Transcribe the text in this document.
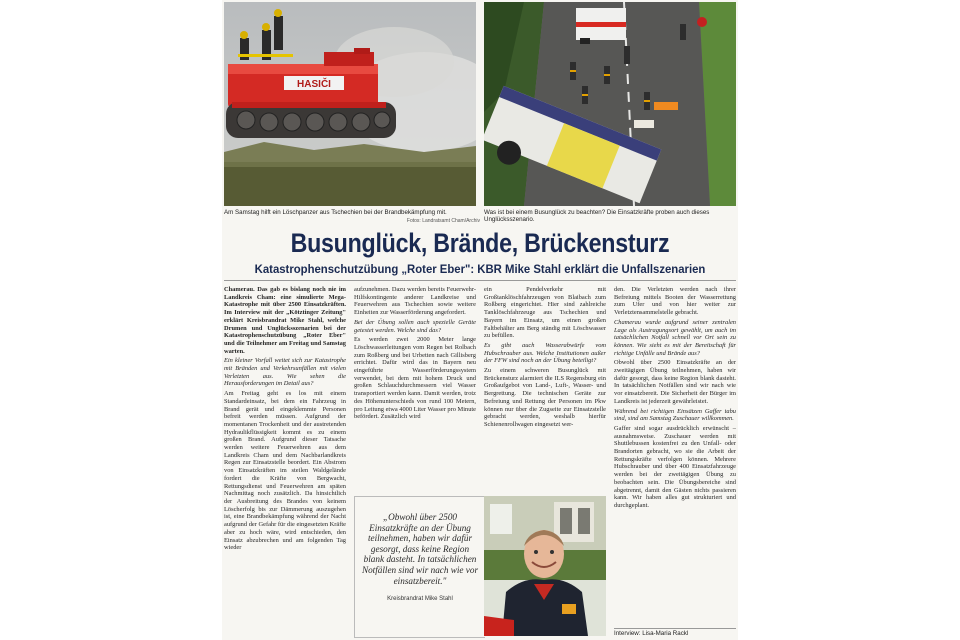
HASIČI
Am Samstag hilft ein Löschpanzer aus Tschechien bei der Brandbekämpfung mit.
Fotos: Landratsamt Cham/Archiv
Was ist bei einem Busunglück zu beachten? Die Einsatzkräfte proben auch dieses Unglücksszenario.
Busunglück, Brände, Brückensturz
Katastrophenschutzübung „Roter Eber": KBR Mike Stahl erklärt die Unfallszenarien

Chamerau. Das gab es bislang noch nie im Landkreis Cham: eine simulierte Mega-Katastrophe mit über 2500 Einsatzkräften. Im Interview mit der „Kötztinger Zeitung" erklärt Kreisbrandrat Mike Stahl, welche Drumen und Unglücksszenarien bei der Katastrophenschutzübung „Roter Eber" und die Teilnehmer am Freitag und Samstag warten.

Ein kleiner Vorfall weitet sich zur Katastrophe mit Bränden und Verkehrsunfällen mit vielen Verletzten aus. Wie sehen die Herausforderungen im Detail aus?

Am Freitag geht es los mit einem Standardeinsatz, bei dem ein Fahrzeug in Brand gerät und eingeklemmte Personen befreit werden müssen. Aufgrund der momentanen Trockenheit und der austretenden Hydraulikflüssigkeit kommt es zu einem großen Brand. Aufgrund dieser Tatsache werden weitere Feuerwehren aus dem Landkreis Cham und dem Nachbarlandkreis Regen zur Einsatzstelle beordert. Ein Abstrom von Einsatzkräften im steilen Waldgelände fordert die Kräfte von Bergwacht, Rettungsdienst und Feuerwehren am späten Nachmittag noch zusätzlich. Da hinsichtlich der Ausbreitung des Brandes von keinem Löscherfolg bis zur Dämmerung auszugehen ist, eine Brandbekämpfung während der Nacht aufgrund der Gefahr für die eingesetzten Kräfte aber zu hoch wäre, wird entschieden, den Einsatz abzubrechen und am folgenden Tag wieder

aufzunehmen. Dazu werden bereits Feuerwehr-Hilfskontingente anderer Landkreise und Feuerwehren aus Tschechien sowie weitere Einheiten zur Wasserförderung angefordert.

Bei der Übung sollen auch spezielle Geräte getestet werden. Welche sind das?

Es werden zwei 2000 Meter lange Löschwasserleitungen vom Regen bei Rolbach zum Roßberg und bei Urbetten nach Gillisberg errichtet. Dafür wird das in Bayern neu eingeführte Wasserförderungssystem verwendet, bei dem mit hohem Druck und großen Schlauchdurchmessern viel Wasser transportiert werden kann. Damit werden, trotz des Höhenunterschieds von rund 100 Metern, pro Leitung etwa 4000 Liter Wasser pro Minute befördert. Zusätzlich wird

ein Pendelverkehr mit Großtanklöschfahrzeugen von Blaibach zum Roßberg eingerichtet. Hier sind zahlreiche Tanklöschfahrzeuge aus Tschechien und Bayern im Einsatz, um einen großen Faltbehälter am Berg ständig mit Löschwasser zu befüllen.

Es gibt auch Wasserabwürfe vom Hubschrauber aus. Welche Institutionen außer der FFW sind noch an der Übung beteiligt?

Zu einem schweren Busunglück mit Brückensturz alarmiert die ILS Regensburg ein Großaufgebot von Land-, Luft-, Wasser- und Bergrettung. Die technischen Geräte zur Befreiung und Rettung der Personen im Pkw können nur über die Zugseite zur Einsatzstelle gebracht werden, weshalb hierfür Schienenrollwagen eingesetzt wer-

den. Die Verletzten werden nach ihrer Befreiung mittels Booten der Wasserrettung zum Ufer und von hier weiter zur Verletztensammelstelle gebracht.

Chamerau wurde aufgrund seiner zentralen Lage als Austragungsort gewählt, um auch im tatsächlichen Notfall schnell vor Ort sein zu können. Wie sieht es mit der Bereitschaft für richtige Unfälle und Brände aus?

Obwohl über 2500 Einsatzkräfte an der zweitägigen Übung teilnehmen, haben wir dafür gesorgt, dass keine Region blank dasteht. In tatsächlichen Notfällen sind wir nach wie vor einsatzbereit. Die Sicherheit der Bürger im Landkreis ist jederzeit gewährleistet.

Während bei richtigen Einsätzen Gaffer tabu sind, sind am Samstag Zuschauer willkommen.

Gaffer sind sogar ausdrücklich erwünscht – ausnahmsweise. Zuschauer werden mit Shuttlebussen kostenfrei zu den Unfall- oder Brandorten gebracht, wo sie die Arbeit der Rettungskräfte verfolgen können. Mehrere Hubschrauber und über 400 Einsatzfahrzeuge werden bei der zweitägigen Übung zu beobachten sein. Die Übungsbereiche sind abgetrennt, damit den Gästen nichts passieren kann. Wir haben alles gut strukturiert und durchgeplant.

Interview: Lisa-Maria Rackl
„Obwohl über 2500 Einsatzkräfte an der Übung teilnehmen, haben wir dafür gesorgt, dass keine Region blank dasteht. In tatsächlichen Notfällen sind wir nach wie vor einsatzbereit."
Kreisbrandrat Mike Stahl
